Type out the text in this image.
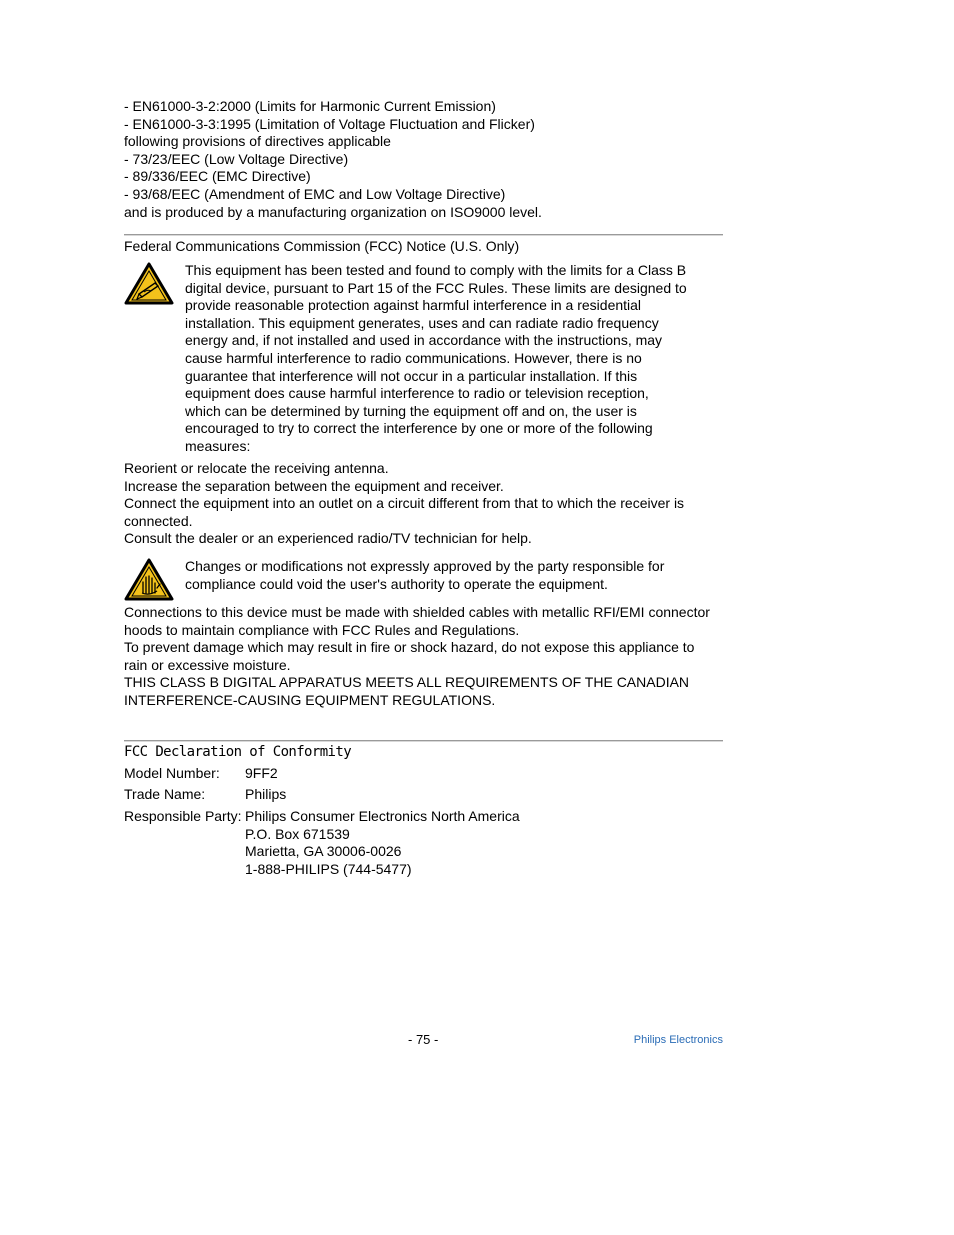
- EN61000-3-2:2000 (Limits for Harmonic Current Emission)
- EN61000-3-3:1995 (Limitation of Voltage Fluctuation and Flicker)
following provisions of directives applicable
- 73/23/EEC (Low Voltage Directive)
- 89/336/EEC (EMC Directive)
- 93/68/EEC (Amendment of EMC and Low Voltage Directive)
and is produced by a manufacturing organization on ISO9000 level.
Federal Communications Commission (FCC) Notice (U.S. Only)
This equipment has been tested and found to comply with the limits for a Class B
digital device, pursuant to Part 15 of the FCC Rules. These limits are designed to
provide reasonable protection against harmful interference in a residential
installation. This equipment generates, uses and can radiate radio frequency
energy and, if not installed and used in accordance with the instructions, may
cause harmful interference to radio communications. However, there is no
guarantee that interference will not occur in a particular installation. If this
equipment does cause harmful interference to radio or television reception,
which can be determined by turning the equipment off and on, the user is
encouraged to try to correct the interference by one or more of the following
measures:
Reorient or relocate the receiving antenna.
Increase the separation between the equipment and receiver.
Connect the equipment into an outlet on a circuit different from that to which the receiver is
connected.
Consult the dealer or an experienced radio/TV technician for help.
Changes or modifications not expressly approved by the party responsible for
compliance could void the user's authority to operate the equipment.
Connections to this device must be made with shielded cables with metallic RFI/EMI connector
hoods to maintain compliance with FCC Rules and Regulations.
To prevent damage which may result in fire or shock hazard, do not expose this appliance to
rain or excessive moisture.
THIS CLASS B DIGITAL APPARATUS MEETS ALL REQUIREMENTS OF THE CANADIAN
INTERFERENCE-CAUSING EQUIPMENT REGULATIONS.
FCC Declaration of Conformity
Model Number: 9FF2
Trade Name:	Philips
Responsible Party: Philips Consumer Electronics North America
P.O. Box 671539
Marietta, GA 30006-0026
1-888-PHILIPS (744-5477)
- 75 -	Philips Electronics
